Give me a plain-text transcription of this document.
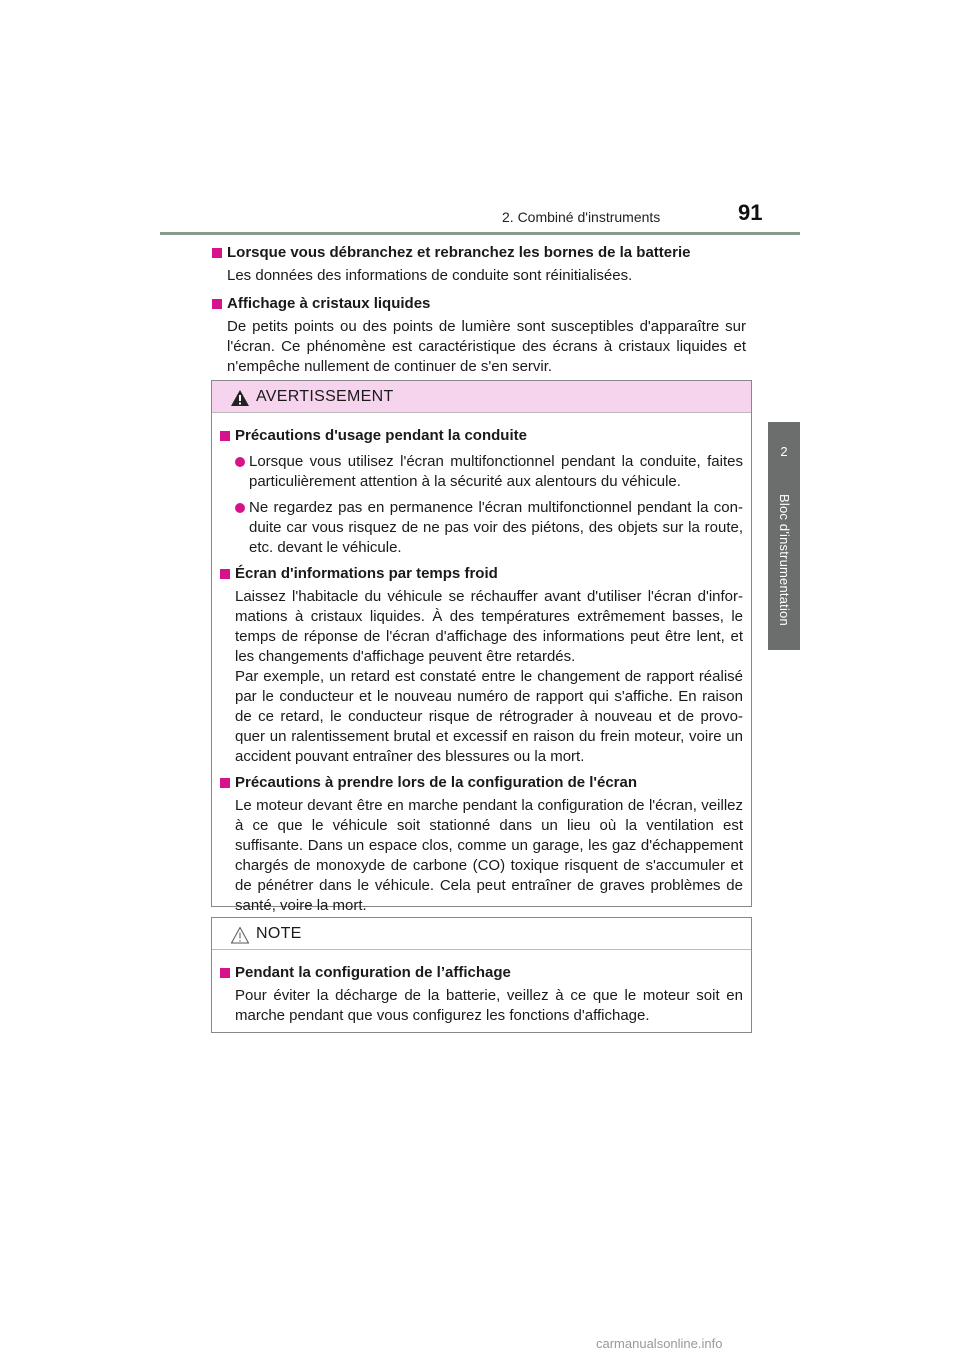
2. Combiné d'instruments	91
2
Bloc d'instrumentation
Lorsque vous débranchez et rebranchez les bornes de la batterie
Les données des informations de conduite sont réinitialisées.
Affichage à cristaux liquides
De petits points ou des points de lumière sont susceptibles d'apparaître sur l'écran. Ce phénomène est caractéristique des écrans à cristaux liquides et n'empêche nullement de continuer de s'en servir.
AVERTISSEMENT
Précautions d'usage pendant la conduite
Lorsque vous utilisez l'écran multifonctionnel pendant la conduite, faites particulièrement attention à la sécurité aux alentours du véhicule.
Ne regardez pas en permanence l'écran multifonctionnel pendant la con-duite car vous risquez de ne pas voir des piétons, des objets sur la route, etc. devant le véhicule.
Écran d'informations par temps froid
Laissez l'habitacle du véhicule se réchauffer avant d'utiliser l'écran d'infor-mations à cristaux liquides. À des températures extrêmement basses, le temps de réponse de l'écran d'affichage des informations peut être lent, et les changements d'affichage peuvent être retardés.
Par exemple, un retard est constaté entre le changement de rapport réalisé par le conducteur et le nouveau numéro de rapport qui s'affiche. En raison de ce retard, le conducteur risque de rétrograder à nouveau et de provo-quer un ralentissement brutal et excessif en raison du frein moteur, voire un accident pouvant entraîner des blessures ou la mort.
Précautions à prendre lors de la configuration de l'écran
Le moteur devant être en marche pendant la configuration de l'écran, veillez à ce que le véhicule soit stationné dans un lieu où la ventilation est suffisante. Dans un espace clos, comme un garage, les gaz d'échappement chargés de monoxyde de carbone (CO) toxique risquent de s'accumuler et de pénétrer dans le véhicule. Cela peut entraîner de graves problèmes de santé, voire la mort.
NOTE
Pendant la configuration de l’affichage
Pour éviter la décharge de la batterie, veillez à ce que le moteur soit en marche pendant que vous configurez les fonctions d'affichage.
carmanualsonline.info
